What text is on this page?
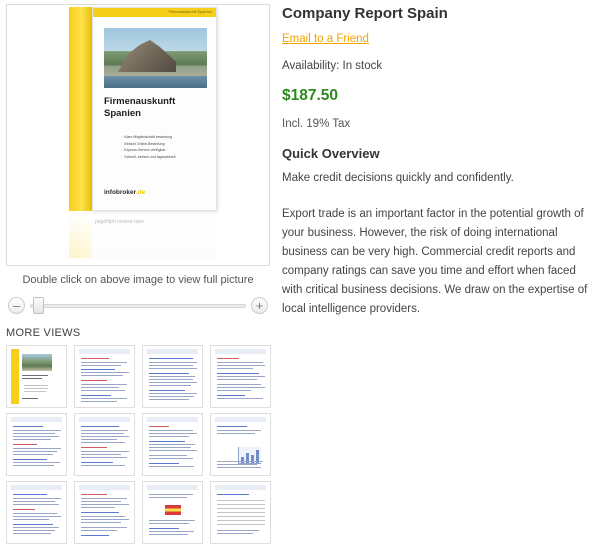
Firmenauskunft Spanien
Firmenauskunft Spanien
▪ Klare Mitgliedschaft bewertung
▪ Einfach Online-Bestellung
▪ Express-Service verfügbar
▪ Schnell, einfach und tagesaktuell
infobroker.de
pagehtph ineteor repo
Double click on above image to view full picture
–	+
MORE VIEWS
Company Report Spain
Email to a Friend
Availability: In stock
$187.50
Incl. 19% Tax
Quick Overview
Make credit decisions quickly and confidently.
Export trade is an important factor in the potential growth of your business. However, the risk of doing international business can be very high. Commercial credit reports and company ratings can save you time and effort when faced with critical business decisions. We draw on the expertise of local intelligence providers.
